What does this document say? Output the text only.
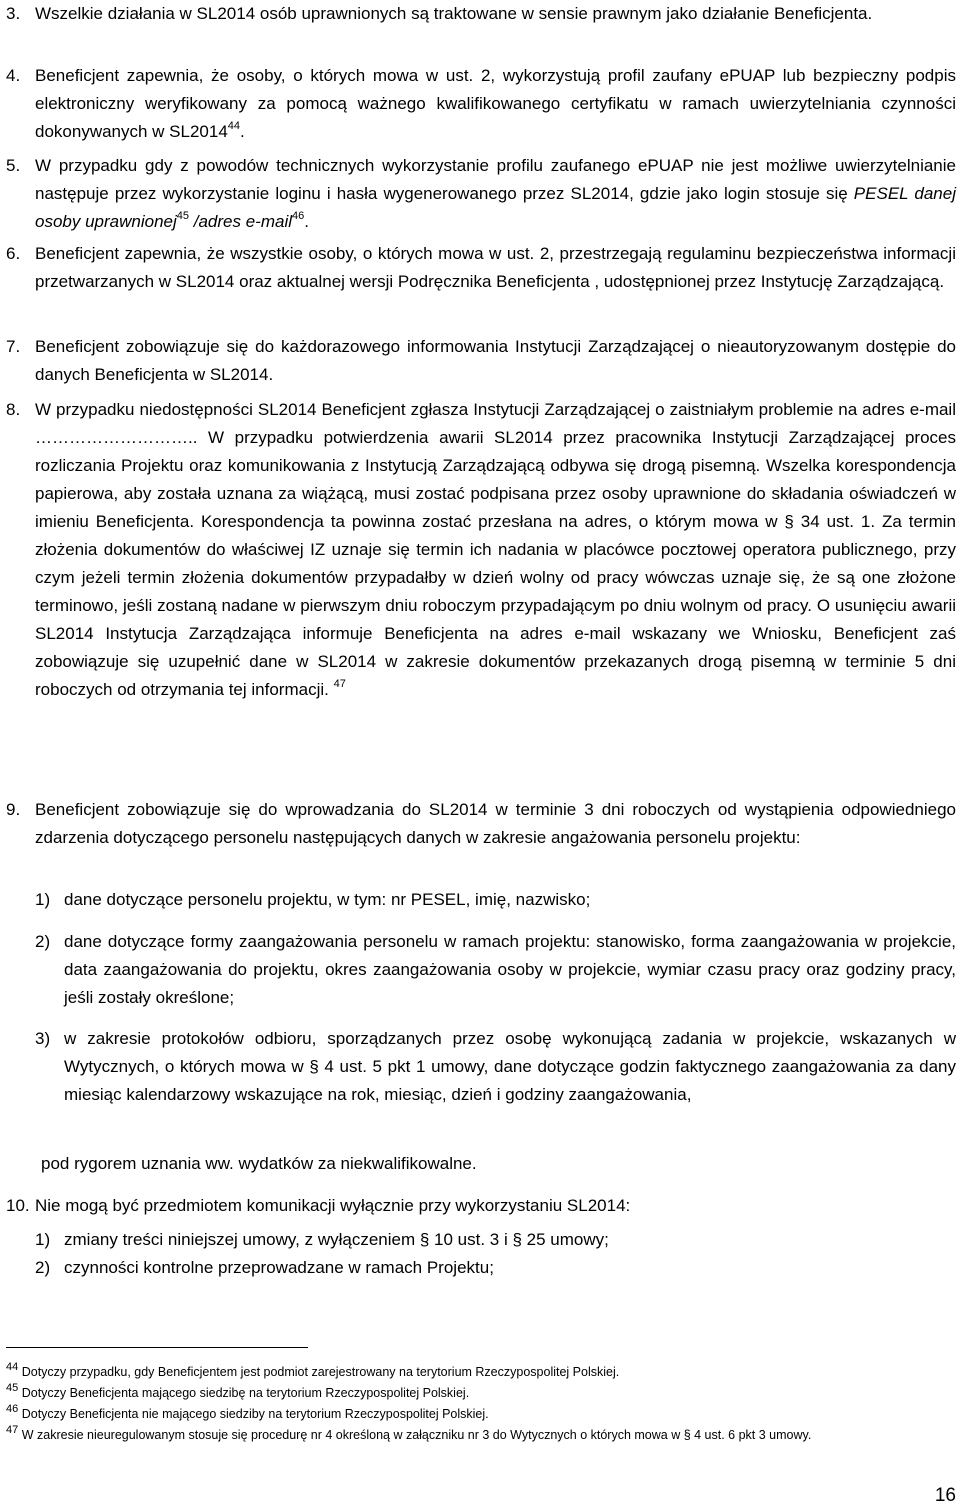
3. Wszelkie działania w SL2014 osób uprawnionych są traktowane w sensie prawnym jako działanie Beneficjenta.
4. Beneficjent zapewnia, że osoby, o których mowa w ust. 2, wykorzystują profil zaufany ePUAP lub bezpieczny podpis elektroniczny weryfikowany za pomocą ważnego kwalifikowanego certyfikatu w ramach uwierzytelniania czynności dokonywanych w SL2014$^{44}$.
5. W przypadku gdy z powodów technicznych wykorzystanie profilu zaufanego ePUAP nie jest możliwe uwierzytelnianie następuje przez wykorzystanie loginu i hasła wygenerowanego przez SL2014, gdzie jako login stosuje się PESEL danej osoby uprawnionej$^{45}$ /adres e-mail$^{46}$.
6. Beneficjent zapewnia, że wszystkie osoby, o których mowa w ust. 2, przestrzegają regulaminu bezpieczeństwa informacji przetwarzanych w SL2014 oraz aktualnej wersji Podręcznika Beneficjenta , udostępnionej przez Instytucję Zarządzającą.
7. Beneficjent zobowiązuje się do każdorazowego informowania Instytucji Zarządzającej o nieautoryzowanym dostępie do danych Beneficjenta w SL2014.
8. W przypadku niedostępności SL2014 Beneficjent zgłasza Instytucji Zarządzającej o zaistniałym problemie na adres e-mail ……………………….. W przypadku potwierdzenia awarii SL2014 przez pracownika Instytucji Zarządzającej proces rozliczania Projektu oraz komunikowania z Instytucją Zarządzającą odbywa się drogą pisemną. Wszelka korespondencja papierowa, aby została uznana za wiążącą, musi zostać podpisana przez osoby uprawnione do składania oświadczeń w imieniu Beneficjenta. Korespondencja ta powinna zostać przesłana na adres, o którym mowa w § 34 ust. 1. Za termin złożenia dokumentów do właściwej IZ uznaje się termin ich nadania w placówce pocztowej operatora publicznego, przy czym jeżeli termin złożenia dokumentów przypadałby w dzień wolny od pracy wówczas uznaje się, że są one złożone terminowo, jeśli zostaną nadane w pierwszym dniu roboczym przypadającym po dniu wolnym od pracy. O usunięciu awarii SL2014 Instytucja Zarządzająca informuje Beneficjenta na adres e-mail wskazany we Wniosku, Beneficjent zaś zobowiązuje się uzupełnić dane w SL2014 w zakresie dokumentów przekazanych drogą pisemną w terminie 5 dni roboczych od otrzymania tej informacji. $^{47}$
9. Beneficjent zobowiązuje się do wprowadzania do SL2014 w terminie 3 dni roboczych od wystąpienia odpowiedniego zdarzenia dotyczącego personelu następujących danych w zakresie angażowania personelu projektu:
1) dane dotyczące personelu projektu, w tym: nr PESEL, imię, nazwisko;
2) dane dotyczące formy zaangażowania personelu w ramach projektu: stanowisko, forma zaangażowania w projekcie, data zaangażowania do projektu, okres zaangażowania osoby w projekcie, wymiar czasu pracy oraz godziny pracy, jeśli zostały określone;
3) w zakresie protokołów odbioru, sporządzanych przez osobę wykonującą zadania w projekcie, wskazanych w Wytycznych, o których mowa w § 4 ust. 5 pkt 1 umowy, dane dotyczące godzin faktycznego zaangażowania za dany miesiąc kalendarzowy wskazujące na rok, miesiąc, dzień i godziny zaangażowania,
pod rygorem uznania ww. wydatków za niekwalifikowalne.
10. Nie mogą być przedmiotem komunikacji wyłącznie przy wykorzystaniu SL2014:
1) zmiany treści niniejszej umowy, z wyłączeniem § 10 ust. 3 i § 25 umowy;
2) czynności kontrolne przeprowadzane w ramach Projektu;
$^{44}$ Dotyczy przypadku, gdy Beneficjentem jest podmiot zarejestrowany na terytorium Rzeczypospolitej Polskiej.
$^{45}$ Dotyczy Beneficjenta mającego siedzibę na terytorium Rzeczypospolitej Polskiej.
$^{46}$ Dotyczy Beneficjenta nie mającego siedziby na terytorium Rzeczypospolitej Polskiej.
$^{47}$ W zakresie nieuregulowanym stosuje się procedurę nr 4 określoną w załączniku nr 3 do Wytycznych o których mowa w § 4 ust. 6 pkt 3 umowy.
16
